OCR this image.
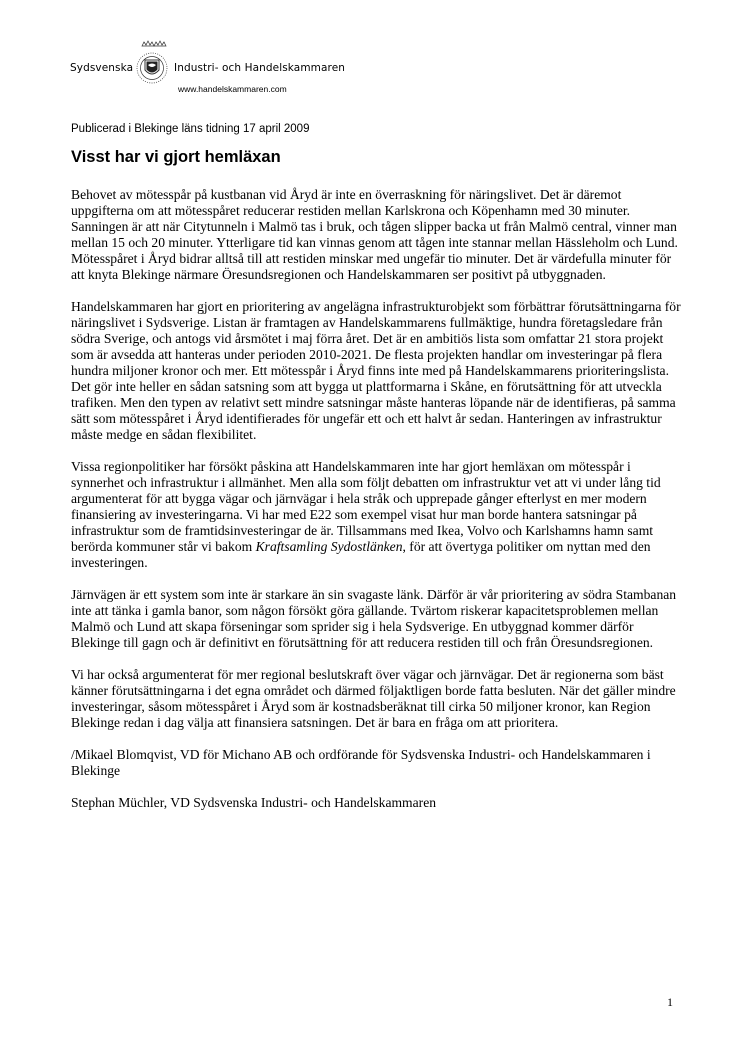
Sydsvenska	Industri- och Handelskammaren
www.handelskammaren.com
Publicerad i Blekinge läns tidning 17 april 2009
Visst har vi gjort hemläxan

Behovet av mötesspår på kustbanan vid Åryd är inte en överraskning för näringslivet. Det är däremot uppgifterna om att mötesspåret reducerar restiden mellan Karlskrona och Köpenhamn med 30 minuter. Sanningen är att när Citytunneln i Malmö tas i bruk, och tågen slipper backa ut från Malmö central, vinner man mellan 15 och 20 minuter. Ytterligare tid kan vinnas genom att tågen inte stannar mellan Hässleholm och Lund. Mötesspåret i Åryd bidrar alltså till att restiden minskar med ungefär tio minuter. Det är värdefulla minuter för att knyta Blekinge närmare Öresundsregionen och Handelskammaren ser positivt på utbyggnaden.

Handelskammaren har gjort en prioritering av angelägna infrastrukturobjekt som förbättrar förutsättningarna för näringslivet i Sydsverige. Listan är framtagen av Handelskammarens fullmäktige, hundra företagsledare från södra Sverige, och antogs vid årsmötet i maj förra året. Det är en ambitiös lista som omfattar 21 stora projekt som är avsedda att hanteras under perioden 2010-2021. De flesta projekten handlar om investeringar på flera hundra miljoner kronor och mer. Ett mötesspår i Åryd finns inte med på Handelskammarens prioriteringslista. Det gör inte heller en sådan satsning som att bygga ut plattformarna i Skåne, en förutsättning för att utveckla trafiken. Men den typen av relativt sett mindre satsningar måste hanteras löpande när de identifieras, på samma sätt som mötesspåret i Åryd identifierades för ungefär ett och ett halvt år sedan. Hanteringen av infrastruktur måste medge en sådan flexibilitet.

Vissa regionpolitiker har försökt påskina att Handelskammaren inte har gjort hemläxan om mötesspår i synnerhet och infrastruktur i allmänhet. Men alla som följt debatten om infrastruktur vet att vi under lång tid argumenterat för att bygga vägar och järnvägar i hela stråk och upprepade gånger efterlyst en mer modern finansiering av investeringarna. Vi har med E22 som exempel visat hur man borde hantera satsningar på infrastruktur som de framtidsinvesteringar de är. Tillsammans med Ikea, Volvo och Karlshamns hamn samt berörda kommuner står vi bakom Kraftsamling Sydostlänken, för att övertyga politiker om nyttan med den investeringen.

Järnvägen är ett system som inte är starkare än sin svagaste länk. Därför är vår prioritering av södra Stambanan inte att tänka i gamla banor, som någon försökt göra gällande. Tvärtom riskerar kapacitetsproblemen mellan Malmö och Lund att skapa förseningar som sprider sig i hela Sydsverige. En utbyggnad kommer därför Blekinge till gagn och är definitivt en förutsättning för att reducera restiden till och från Öresundsregionen.

Vi har också argumenterat för mer regional beslutskraft över vägar och järnvägar. Det är regionerna som bäst känner förutsättningarna i det egna området och därmed följaktligen borde fatta besluten. När det gäller mindre investeringar, såsom mötesspåret i Åryd som är kostnadsberäknat till cirka 50 miljoner kronor, kan Region Blekinge redan i dag välja att finansiera satsningen. Det är bara en fråga om att prioritera.

/Mikael Blomqvist, VD för Michano AB och ordförande för Sydsvenska Industri- och Handelskammaren i Blekinge

Stephan Müchler, VD Sydsvenska Industri- och Handelskammaren

1
